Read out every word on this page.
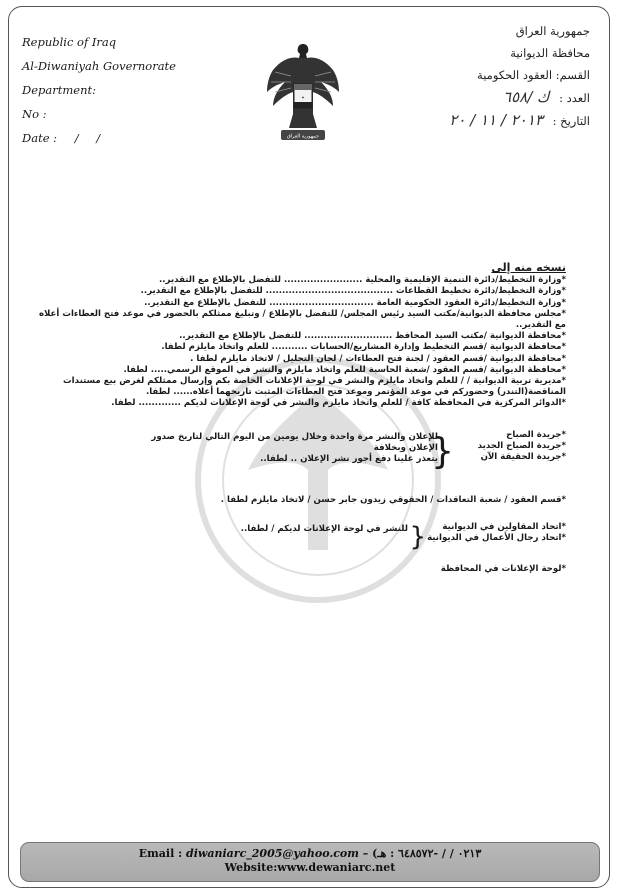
Republic of Iraq
Al-Diwaniyah Governorate
Department:
No :
Date : / /
★
جمهورية العراق
جمهورية العراق
محافظة الديوانية
القسم: العقود الحكومية
العدد : ك /٦٥٨
التاريخ : ٢٠١٣ / ١١ / ٢٠
نسخه منه إلى
*وزارة التخطيط/دائرة التنمية الإقليمية والمحلية ........................ للتفضل بالإطلاع مع التقدير..
*وزارة التخطيط/دائرة تخطيط القطاعات ....................................... للتفضل بالإطلاع مع التقدير..
*وزارة التخطيط/دائرة العقود الحكومية العامة ................................ للتفضل بالإطلاع مع التقدير..
*مجلس محافظة الديوانية/مكتب السيد رئيس المجلس/ للتفضل بالإطلاع / وتبليغ ممثلكم بالحضور في موعد فتح العطاءات أعلاه مع التقدير..
*محافظة الديوانية /مكتب السيد المحافظ ........................... للتفضل بالإطلاع مع التقدير..
*محافظة الديوانية /قسم التخطيط وإدارة المشاريع/الحسابات ........... للعلم واتخاذ مايلزم لطفا.
*محافظة الديوانية /قسم العقود / لجنة فتح العطاءات / لجان التحليل / لاتخاذ مايلزم لطفا .
*محافظة الديوانية /قسم العقود /شعبة الحاسبة للعلم واتخاذ مايلزم والنشر في الموقع الرسمي..... لطفا.
*مديرية تربية الديوانية / / للعلم واتخاذ مايلزم والنشر في لوحة الإعلانات الخاصة بكم وإرسال ممثلكم لغرض بيع مستندات المناقصة(التندر) وحضوركم في موعد المؤتمر وموعد فتح العطاءات المثبت تاريخهما أعلاه...... لطفا.
*الدوائر المركزية في المحافظة كافة / للعلم واتخاذ مايلزم والنشر في لوحة الإعلانات لديكم ............. لطفا.
*جريدة الصباح
*جريدة الصباح الجديد
*جريدة الحقيقة الآن
{
للإعلان والنشر مرة واحدة وخلال يومين من اليوم التالي لتاريخ صدور الإعلان وبخلافة
يتعذر علينا دفع أجور نشر الإعلان .. لطفا..
*قسم العقود / شعبة التعاقدات / الحقوقي زيدون جابر حسن / لاتخاذ مايلزم لطفا .
*اتحاد المقاولين في الديوانية
*اتحاد رجال الأعمال في الديوانية
{
للنشر في لوحة الإعلانات لديكم / لطفا..
*لوحة الإعلانات في المحافظة
Email : diwaniarc_2005@yahoo.com – (٠٢١٣ / / -٦٤٨٥٧٢ : هـ
Website:www.dewaniarc.net
